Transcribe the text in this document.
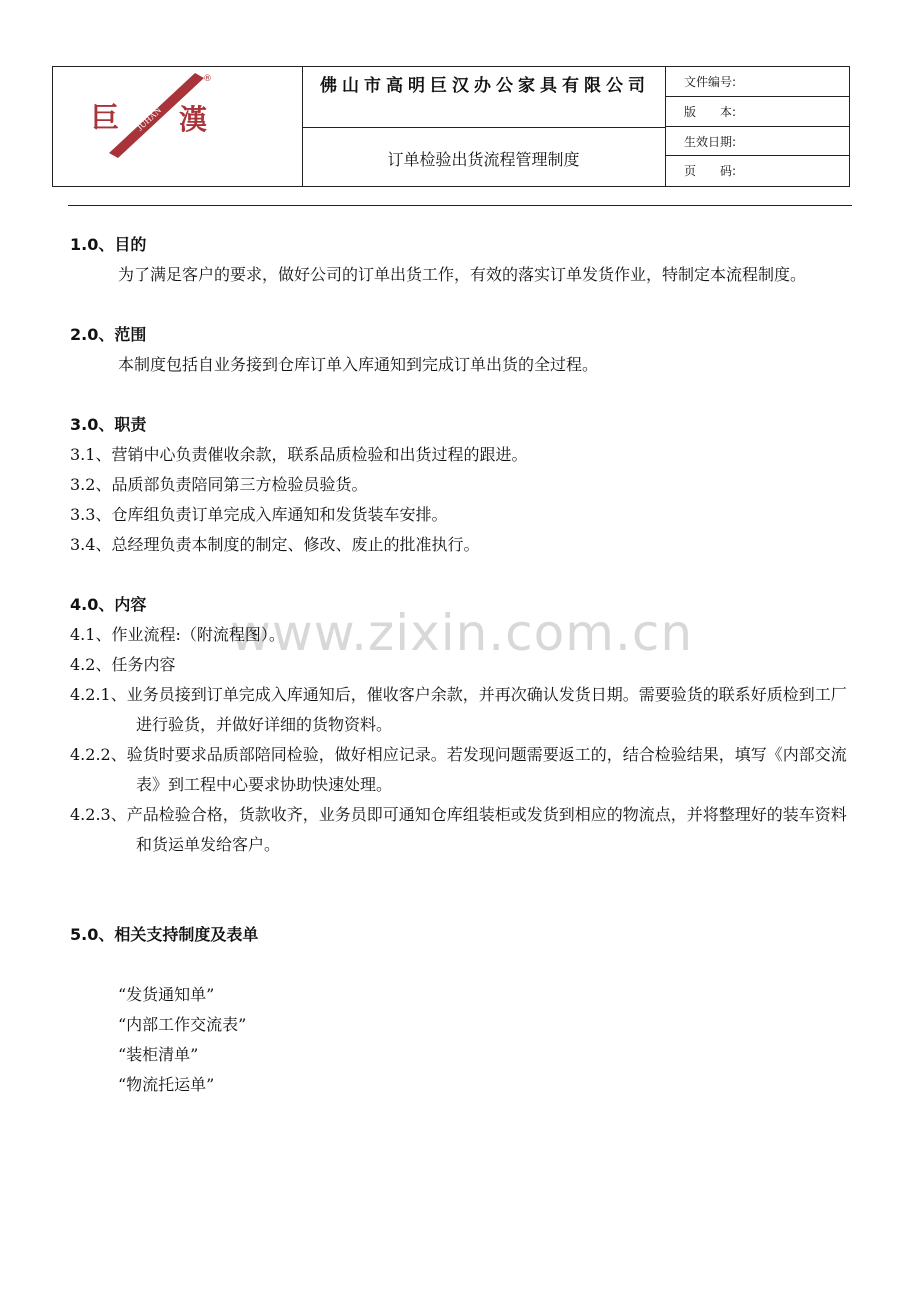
JUHAN
巨 漢
®	佛山市高明巨汉办公家具有限公司
订单检验出货流程管理制度
文件编号:
版　　本:
生效日期:
页　　码:
www.zixin.com.cn

1.0、目的

为了满足客户的要求，做好公司的订单出货工作，有效的落实订单发货作业，特制定本流程制度。

2.0、范围

本制度包括自业务接到仓库订单入库通知到完成订单出货的全过程。

3.0、职责

3.1、营销中心负责催收余款，联系品质检验和出货过程的跟进。

3.2、品质部负责陪同第三方检验员验货。

3.3、仓库组负责订单完成入库通知和发货装车安排。

3.4、总经理负责本制度的制定、修改、废止的批准执行。

4.0、内容

4.1、作业流程:（附流程图）。

4.2、任务内容

4.2.1、业务员接到订单完成入库通知后，催收客户余款，并再次确认发货日期。需要验货的联系好质检到工厂进行验货，并做好详细的货物资料。

4.2.2、验货时要求品质部陪同检验，做好相应记录。若发现问题需要返工的，结合检验结果，填写《内部交流表》到工程中心要求协助快速处理。

4.2.3、产品检验合格，货款收齐，业务员即可通知仓库组装柜或发货到相应的物流点，并将整理好的装车资料和货运单发给客户。

5.0、相关支持制度及表单

“发货通知单”

“内部工作交流表”

“装柜清单”

“物流托运单”
